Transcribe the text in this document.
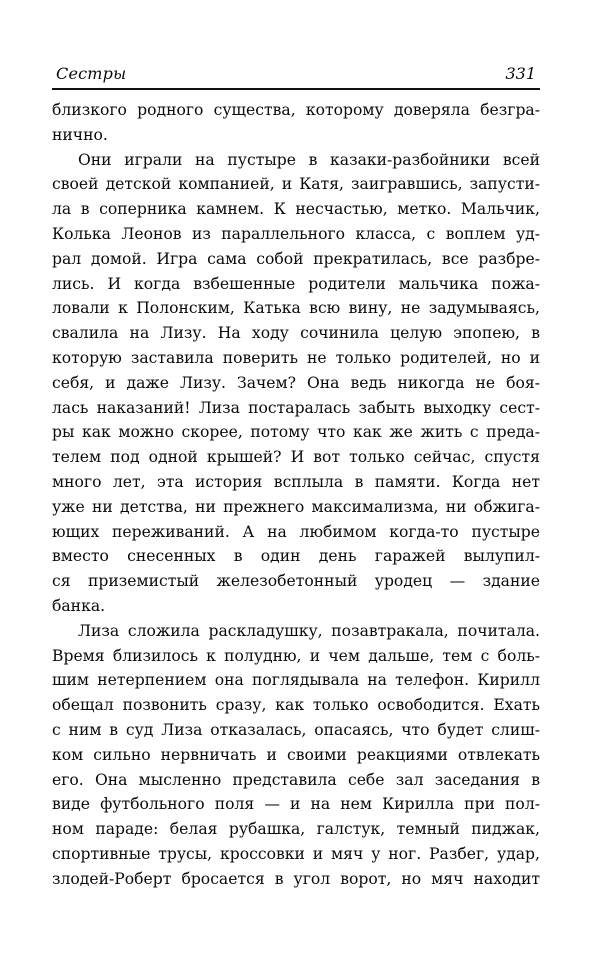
Сестры	331
близкого родного существа, которому доверяла безгра-
нично.
Они играли на пустыре в казаки-разбойники всей
своей детской компанией, и Катя, заигравшись, запусти-
ла в соперника камнем. К несчастью, метко. Мальчик,
Колька Леонов из параллельного класса, с воплем уд-
рал домой. Игра сама собой прекратилась, все разбре-
лись. И когда взбешенные родители мальчика пожа-
ловали к Полонским, Катька всю вину, не задумываясь,
свалила на Лизу. На ходу сочинила целую эпопею, в
которую заставила поверить не только родителей, но и
себя, и даже Лизу. Зачем? Она ведь никогда не боя-
лась наказаний! Лиза постаралась забыть выходку сест-
ры как можно скорее, потому что как же жить с преда-
телем под одной крышей? И вот только сейчас, спустя
много лет, эта история всплыла в памяти. Когда нет
уже ни детства, ни прежнего максимализма, ни обжига-
ющих переживаний. А на любимом когда-то пустыре
вместо снесенных в один день гаражей вылупил-
ся приземистый железобетонный уродец — здание
банка.
Лиза сложила раскладушку, позавтракала, почитала.
Время близилось к полудню, и чем дальше, тем с боль-
шим нетерпением она поглядывала на телефон. Кирилл
обещал позвонить сразу, как только освободится. Ехать
с ним в суд Лиза отказалась, опасаясь, что будет слиш-
ком сильно нервничать и своими реакциями отвлекать
его. Она мысленно представила себе зал заседания в
виде футбольного поля — и на нем Кирилла при пол-
ном параде: белая рубашка, галстук, темный пиджак,
спортивные трусы, кроссовки и мяч у ног. Разбег, удар,
злодей-Роберт бросается в угол ворот, но мяч находит
